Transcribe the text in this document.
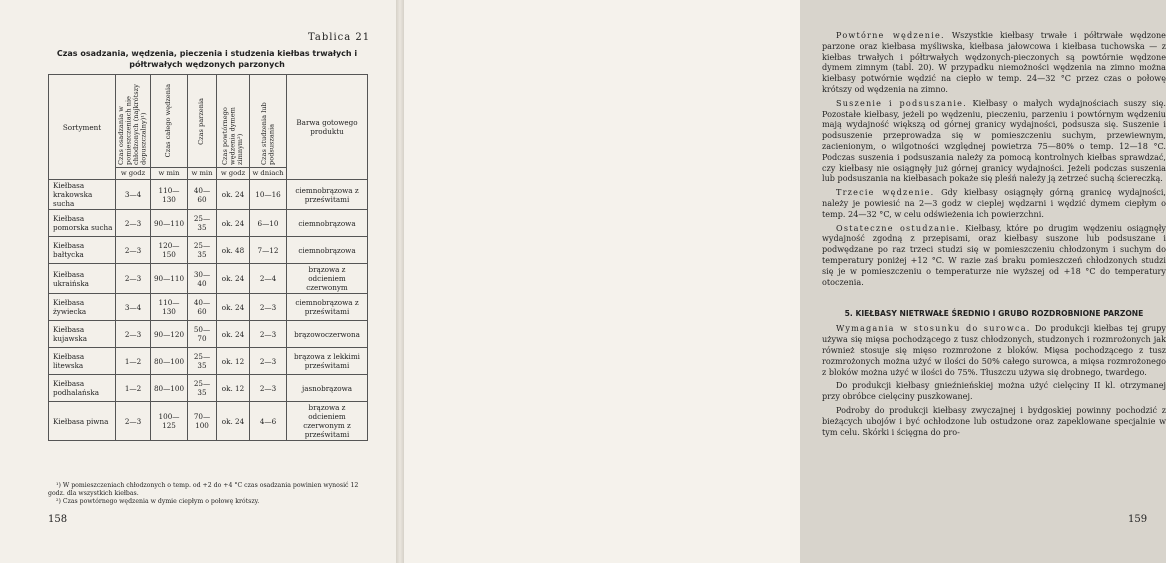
Tablica 21
Czas osadzania, wędzenia, pieczenia i studzenia kiełbas trwałych i półtrwałych wędzonych parzonych
Sortyment	Czas osadzania w pomieszczeniach nie chłodzonych (najkrótszy dopuszczalny)¹)	Czas całego wędzenia	Czas parzenia	Czas powtórnego wędzenia dymem zimnym²)	Czas studzenia lub podsuszania	Barwa gotowego produktu
	w godz	w min	w min	w godz	w dniach	
Kiełbasa krakowska sucha	3—4	110—130	40—60	ok. 24	10—16	ciemnobrązowa z prześwitami
Kiełbasa pomorska sucha	2—3	90—110	25—35	ok. 24	6—10	ciemnobrązowa
Kiełbasa bałtycka	2—3	120—150	25—35	ok. 48	7—12	ciemnobrązowa
Kiełbasa ukraińska	2—3	90—110	30—40	ok. 24	2—4	brązowa z odcieniem czerwonym
Kiełbasa żywiecka	3—4	110—130	40—60	ok. 24	2—3	ciemnobrązowa z prześwitami
Kiełbasa kujawska	2—3	90—120	50—70	ok. 24	2—3	brązowoczerwona
Kiełbasa litewska	1—2	80—100	25—35	ok. 12	2—3	brązowa z lekkimi prześwitami
Kiełbasa podhalańska	1—2	80—100	25—35	ok. 12	2—3	jasnobrązowa
Kiełbasa piwna	2—3	100—125	70—100	ok. 24	4—6	brązowa z odcieniem czerwonym z prześwitami

¹) W pomieszczeniach chłodzonych o temp. od +2 do +4 °C czas osadzania powinien wynosić 12 godz. dla wszystkich kiełbas.

²) Czas powtórnego wędzenia w dymie ciepłym o połowę krótszy.

158

Powtórne wędzenie. Wszystkie kiełbasy trwałe i półtrwałe wędzone parzone oraz kiełbasa myśliwska, kiełbasa jałowcowa i kiełbasa tuchowska — z kiełbas trwałych i półtrwałych wędzonych-pieczonych są powtórnie wędzone dymem zimnym (tabl. 20). W przypadku niemożności wędzenia na zimno można kiełbasy potwórnie wędzić na ciepło w temp. 24—32 °C przez czas o połowę krótszy od wędzenia na zimno.

Suszenie i podsuszanie. Kiełbasy o małych wydajnościach suszy się. Pozostałe kiełbasy, jeżeli po wędzeniu, pieczeniu, parzeniu i powtórnym wędzeniu mają wydajność większą od górnej granicy wydajności, podsusza się. Suszenie i podsuszenie przeprowadza się w pomieszczeniu suchym, przewiewnym, zacienionym, o wilgotności względnej powietrza 75—80% o temp. 12—18 °C. Podczas suszenia i podsuszania należy za pomocą kontrolnych kiełbas sprawdzać, czy kiełbasy nie osiągnęły już górnej granicy wydajności. Jeżeli podczas suszenia lub podsuszania na kiełbasach pokaże się pleśń należy ją zetrzeć suchą ściereczką.

Trzecie wędzenie. Gdy kiełbasy osiągnęły górną granicę wydajności, należy je powiesić na 2—3 godz w cieplej wędzarni i wędzić dymem ciepłym o temp. 24—32 °C, w celu odświeżenia ich powierzchni.

Ostateczne ostudzanie. Kiełbasy, które po drugim wędzeniu osiągnęły wydajność zgodną z przepisami, oraz kiełbasy suszone lub podsuszane i podwędzane po raz trzeci studzi się w pomieszczeniu chłodzonym i suchym do temperatury poniżej +12 °C. W razie zaś braku pomieszczeń chłodzonych studzi się je w pomieszczeniu o temperaturze nie wyższej od +18 °C do temperatury otoczenia.

5. KIEŁBASY NIETRWAŁE ŚREDNIO I GRUBO ROZDROBNIONE PARZONE

Wymagania w stosunku do surowca. Do produkcji kiełbas tej grupy używa się mięsa pochodzącego z tusz chłodzonych, studzonych i rozmrożonych jak również stosuje się mięso rozmrożone z bloków. Mięsa pochodzącego z tusz rozmrożonych można użyć w ilości do 50% całego surowca, a mięsa rozmrożonego z bloków można użyć w ilości do 75%. Tłuszczu używa się drobnego, twardego.

Do produkcji kiełbasy gnieźnieńskiej można użyć cielęciny II kl. otrzymanej przy obróbce cielęciny puszkowanej.

Podroby do produkcji kiełbasy zwyczajnej i bydgoskiej powinny pochodzić z bieżących ubojów i być ochłodzone lub ostudzone oraz zapeklowane specjalnie w tym celu. Skórki i ścięgna do pro-

159
